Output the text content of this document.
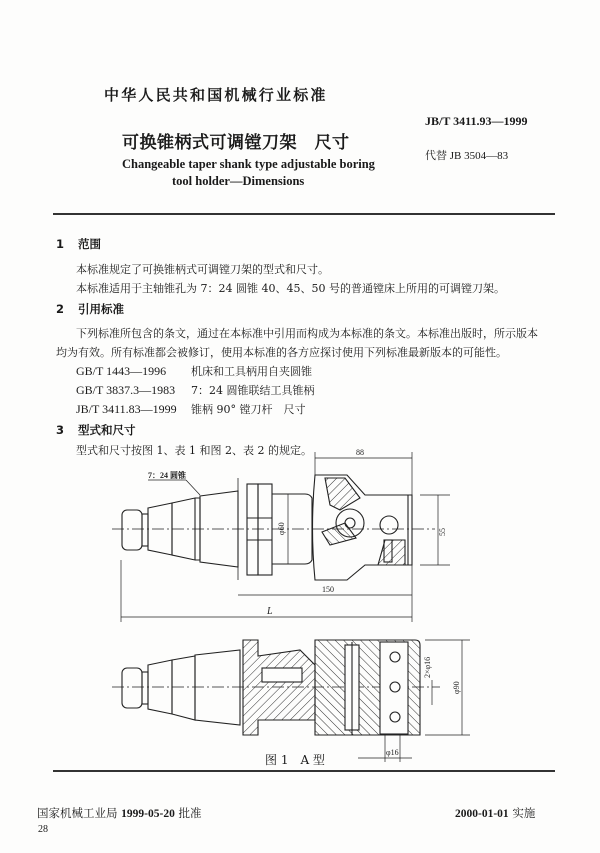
中华人民共和国机械行业标准
可换锥柄式可调镗刀架　尺寸
Changeable taper shank type adjustable boring
tool holder—Dimensions
JB/T 3411.93—1999
代替 JB 3504—83
1 范围
本标准规定了可换锥柄式可调镗刀架的型式和尺寸。
本标准适用于主轴锥孔为 7：24 圆锥 40、45、50 号的普通镗床上所用的可调镗刀架。
2 引用标准
下列标准所包含的条文，通过在本标准中引用而构成为本标准的条文。本标准出版时，所示版本
均为有效。所有标准都会被修订，使用本标准的各方应探讨使用下列标准最新版本的可能性。
GB/T 1443—1996 机床和工具柄用自夹圆锥
GB/T 3837.3—1983 7：24 圆锥联结工具锥柄
JB/T 3411.83—1999 锥柄 90° 镗刀杆　尺寸
3 型式和尺寸
型式和尺寸按图 1、表 1 和图 2、表 2 的规定。
7：24 圆锥
88
φ60	55
150
L
2×φ16
φ90
φ16
图 1　A 型
国家机械工业局 1999-05-20 批准	2000-01-01 实施
28
